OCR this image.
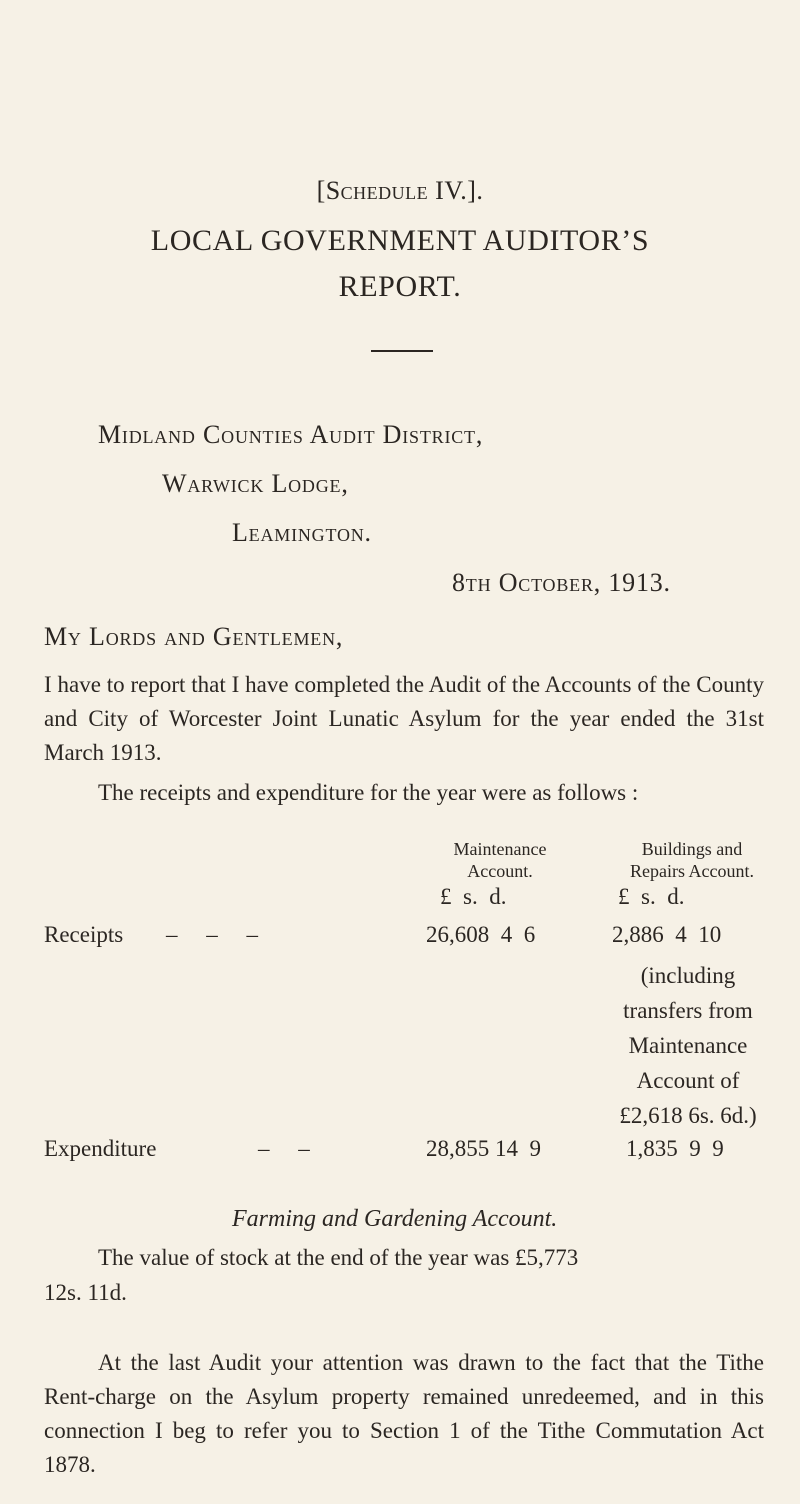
[Schedule IV.].
LOCAL GOVERNMENT AUDITOR’S
REPORT.
Midland Counties Audit District,
Warwick Lodge,
Leamington.
8th October, 1913.
My Lords and Gentlemen,
I have to report that I have completed the Audit of the Accounts of the County and City of Worcester Joint Lunatic Asylum for the year ended the 31st March 1913.
The receipts and expenditure for the year were as follows :
Maintenance
Account.
Buildings and
Repairs Account.
£  s.  d.	£  s.  d.
Receipts –     –     –	26,608  4  6	2,886  4  10
(including
transfers from
Maintenance
Account of
£2,618 6s. 6d.)
Expenditure	–     –	28,855 14  9	1,835  9  9
Farming and Gardening Account.
The value of stock at the end of the year was £5,773
12s. 11d.
At the last Audit your attention was drawn to the fact that the Tithe Rent-charge on the Asylum property remained unredeemed, and in this connection I beg to refer you to Section 1 of the Tithe Commutation Act 1878.
